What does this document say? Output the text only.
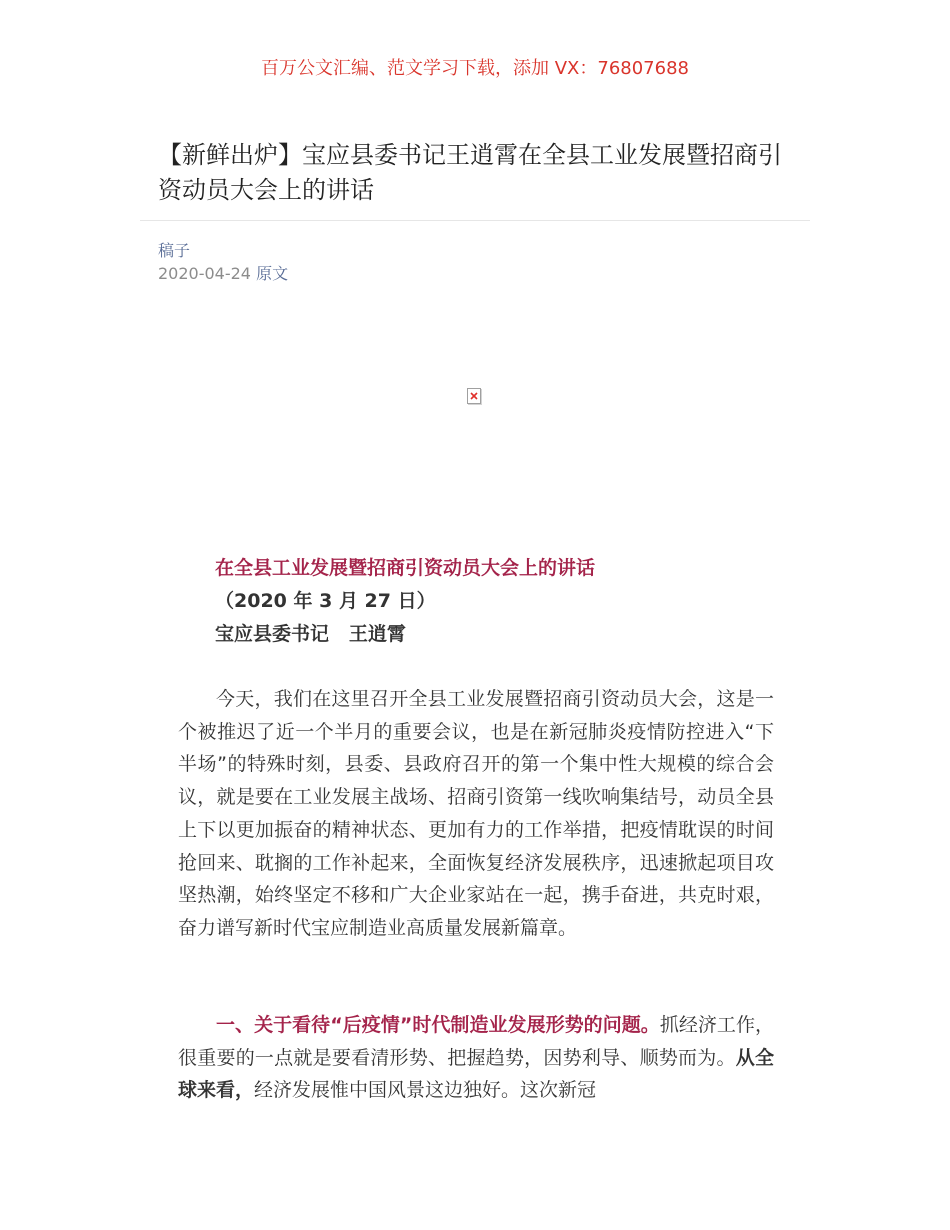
百万公文汇编、范文学习下载，添加 VX：76807688
【新鲜出炉】宝应县委书记王逍霄在全县工业发展暨招商引资动员大会上的讲话
稿子
2020-04-24 原文
在全县工业发展暨招商引资动员大会上的讲话
（2020 年 3 月 27 日）
宝应县委书记   王逍霄

今天，我们在这里召开全县工业发展暨招商引资动员大会，这是一个被推迟了近一个半月的重要会议，也是在新冠肺炎疫情防控进入“下半场”的特殊时刻，县委、县政府召开的第一个集中性大规模的综合会议，就是要在工业发展主战场、招商引资第一线吹响集结号，动员全县上下以更加振奋的精神状态、更加有力的工作举措，把疫情耽误的时间抢回来、耽搁的工作补起来，全面恢复经济发展秩序，迅速掀起项目攻坚热潮，始终坚定不移和广大企业家站在一起，携手奋进，共克时艰，奋力谱写新时代宝应制造业高质量发展新篇章。

一、关于看待“后疫情”时代制造业发展形势的问题。抓经济工作，很重要的一点就是要看清形势、把握趋势，因势利导、顺势而为。从全球来看，经济发展惟中国风景这边独好。这次新冠
